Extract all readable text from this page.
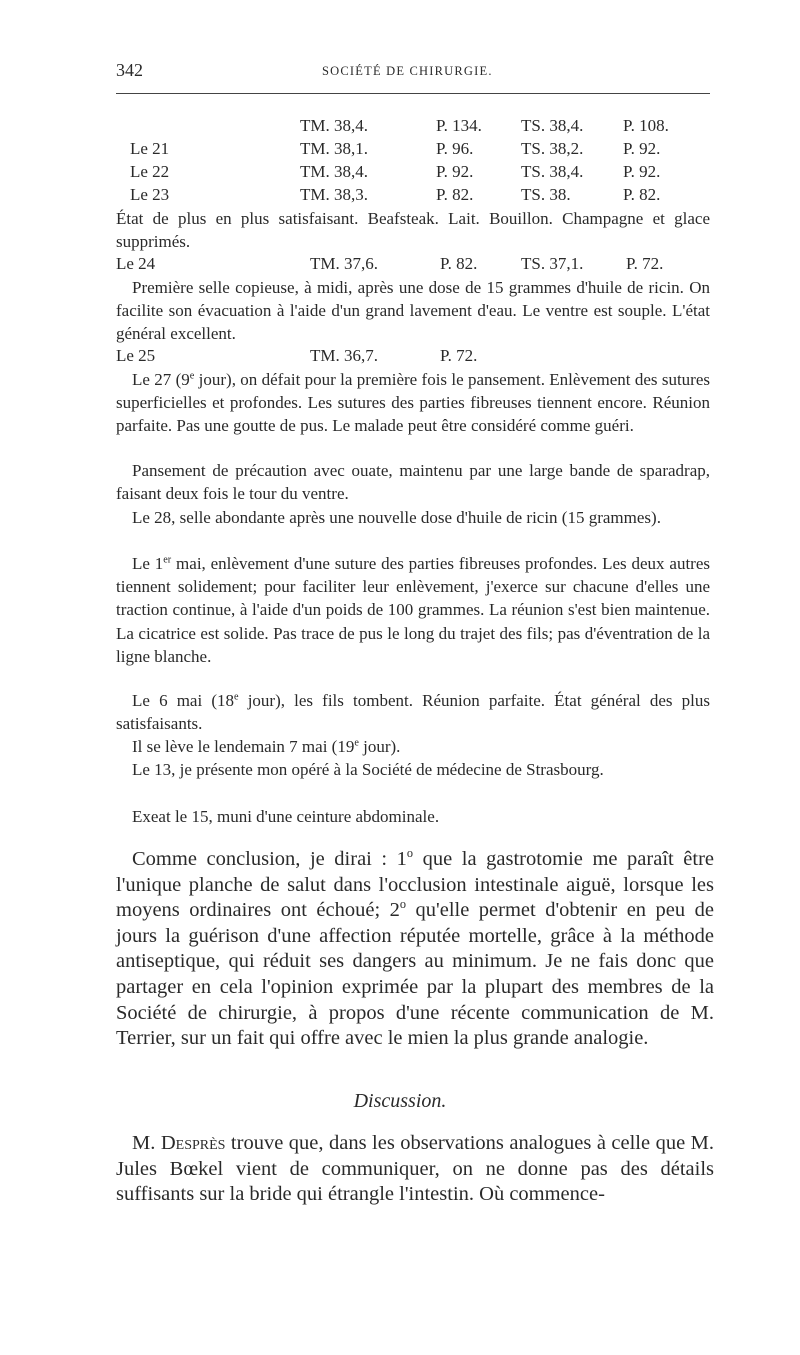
342	SOCIÉTÉ DE CHIRURGIE.
TM. 38,4.	P. 134. TS. 38,4. P. 108.
Le 21	TM. 38,1.	P. 96.	TS. 38,2. P. 92.
Le 22	TM. 38,4.	P. 92.	TS. 38,4. P. 92.
Le 23	TM. 38,3.	P. 82.	TS. 38.	P. 82.
État de plus en plus satisfaisant. Beafsteak. Lait. Bouillon. Champagne et glace supprimés.
Le 24	TM. 37,6.	P. 82.	TS. 37,1.	P. 72.
Première selle copieuse, à midi, après une dose de 15 grammes d'huile de ricin. On facilite son évacuation à l'aide d'un grand lavement d'eau. Le ventre est souple. L'état général excellent.
Le 25	TM. 36,7.	P. 72.
Le 27 (9e jour), on défait pour la première fois le pansement. Enlèvement des sutures superficielles et profondes. Les sutures des parties fibreuses tiennent encore. Réunion parfaite. Pas une goutte de pus. Le malade peut être considéré comme guéri.
Pansement de précaution avec ouate, maintenu par une large bande de sparadrap, faisant deux fois le tour du ventre.
Le 28, selle abondante après une nouvelle dose d'huile de ricin (15 grammes).
Le 1er mai, enlèvement d'une suture des parties fibreuses profondes. Les deux autres tiennent solidement; pour faciliter leur enlèvement, j'exerce sur chacune d'elles une traction continue, à l'aide d'un poids de 100 grammes. La réunion s'est bien maintenue. La cicatrice est solide. Pas trace de pus le long du trajet des fils; pas d'éventration de la ligne blanche.
Le 6 mai (18e jour), les fils tombent. Réunion parfaite. État général des plus satisfaisants.
Il se lève le lendemain 7 mai (19e jour).
Le 13, je présente mon opéré à la Société de médecine de Strasbourg.
Exeat le 15, muni d'une ceinture abdominale.
Comme conclusion, je dirai : 1$^o$ que la gastrotomie me paraît être l'unique planche de salut dans l'occlusion intestinale aiguë, lorsque les moyens ordinaires ont échoué; 2$^o$ qu'elle permet d'obtenir en peu de jours la guérison d'une affection réputée mortelle, grâce à la méthode antiseptique, qui réduit ses dangers au minimum. Je ne fais donc que partager en cela l'opinion exprimée par la plupart des membres de la Société de chirurgie, à propos d'une récente communication de M. Terrier, sur un fait qui offre avec le mien la plus grande analogie.
Discussion.
M. Desprès trouve que, dans les observations analogues à celle que M. Jules Bœkel vient de communiquer, on ne donne pas des détails suffisants sur la bride qui étrangle l'intestin. Où commence-
